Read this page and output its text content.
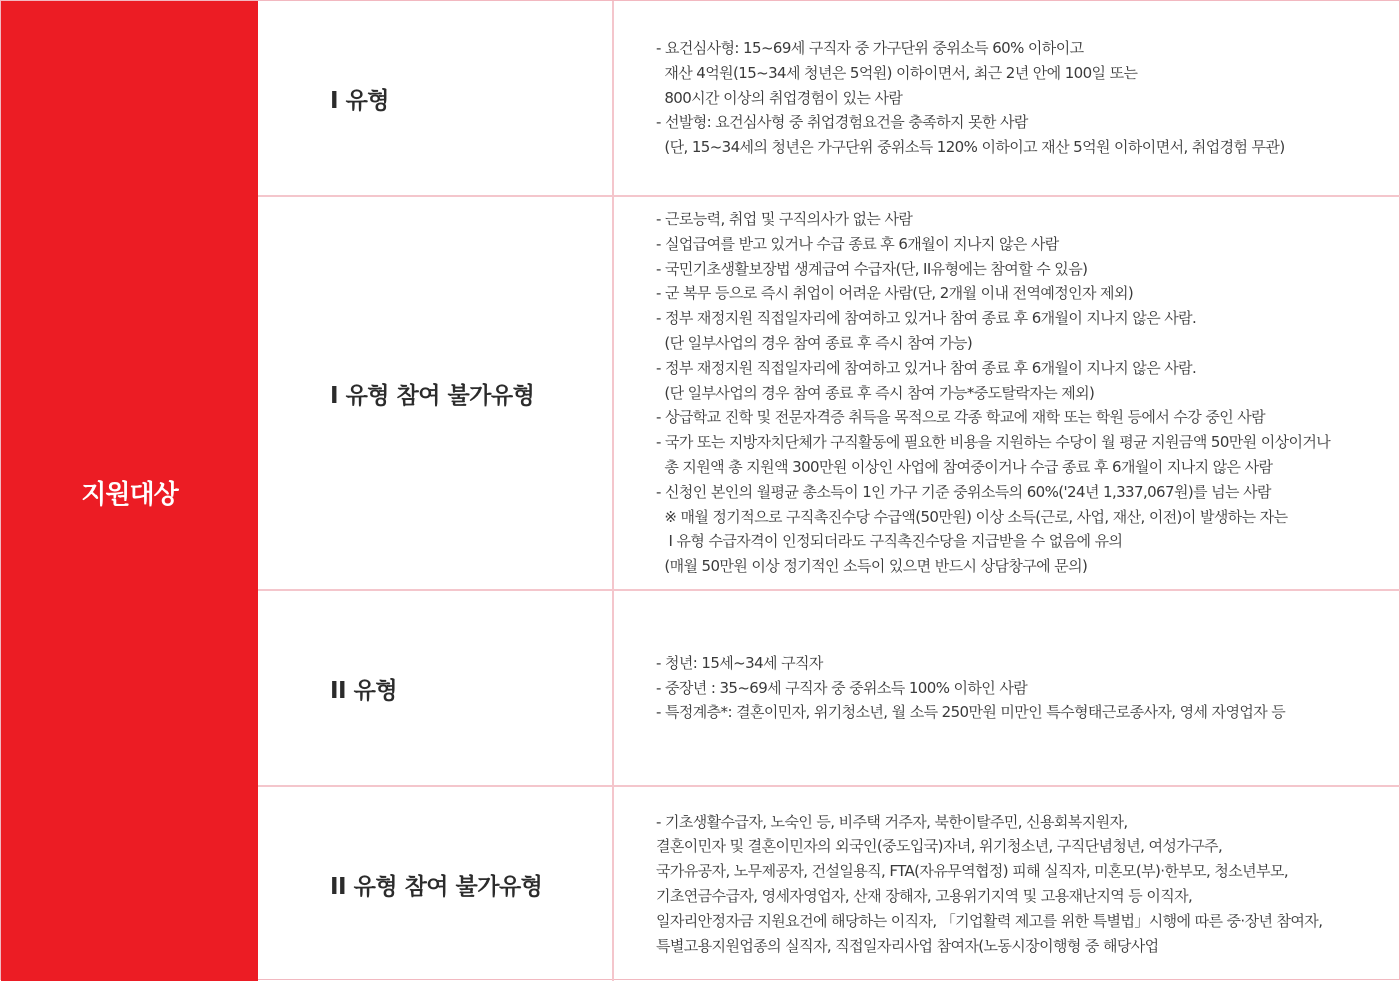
지원대상
I 유형
- 요건심사형: 15~69세 구직자 중 가구단위 중위소득 60% 이하이고
재산 4억원(15~34세 청년은 5억원) 이하이면서, 최근 2년 안에 100일 또는
800시간 이상의 취업경험이 있는 사람
- 선발형: 요건심사형 중 취업경험요건을 충족하지 못한 사람
(단, 15~34세의 청년은 가구단위 중위소득 120% 이하이고 재산 5억원 이하이면서, 취업경험 무관)
I 유형 참여 불가유형
- 근로능력, 취업 및 구직의사가 없는 사람
- 실업급여를 받고 있거나 수급 종료 후 6개월이 지나지 않은 사람
- 국민기초생활보장법 생계급여 수급자(단, II유형에는 참여할 수 있음)
- 군 복무 등으로 즉시 취업이 어려운 사람(단, 2개월 이내 전역예정인자 제외)
- 정부 재정지원 직접일자리에 참여하고 있거나 참여 종료 후 6개월이 지나지 않은 사람.
(단 일부사업의 경우 참여 종료 후 즉시 참여 가능)
- 정부 재정지원 직접일자리에 참여하고 있거나 참여 종료 후 6개월이 지나지 않은 사람.
(단 일부사업의 경우 참여 종료 후 즉시 참여 가능*중도탈락자는 제외)
- 상급학교 진학 및 전문자격증 취득을 목적으로 각종 학교에 재학 또는 학원 등에서 수강 중인 사람
- 국가 또는 지방자치단체가 구직활동에 필요한 비용을 지원하는 수당이 월 평균 지원금액 50만원 이상이거나
총 지원액 총 지원액 300만원 이상인 사업에 참여중이거나 수급 종료 후 6개월이 지나지 않은 사람
- 신청인 본인의 월평균 총소득이 1인 가구 기준 중위소득의 60%('24년 1,337,067원)를 넘는 사람
※ 매월 정기적으로 구직촉진수당 수급액(50만원) 이상 소득(근로, 사업, 재산, 이전)이 발생하는 자는
I 유형 수급자격이 인정되더라도 구직촉진수당을 지급받을 수 없음에 유의
(매월 50만원 이상 정기적인 소득이 있으면 반드시 상담창구에 문의)
II 유형
- 청년: 15세~34세 구직자
- 중장년 : 35~69세 구직자 중 중위소득 100% 이하인 사람
- 특정계층*: 결혼이민자, 위기청소년, 월 소득 250만원 미만인 특수형태근로종사자, 영세 자영업자 등
II 유형 참여 불가유형
- 기초생활수급자, 노숙인 등, 비주택 거주자, 북한이탈주민, 신용회복지원자,
결혼이민자 및 결혼이민자의 외국인(중도입국)자녀, 위기청소년, 구직단념청년, 여성가구주,
국가유공자, 노무제공자, 건설일용직, FTA(자유무역협정) 피해 실직자, 미혼모(부)·한부모, 청소년부모,
기초연금수급자, 영세자영업자, 산재 장해자, 고용위기지역 및 고용재난지역 등 이직자,
일자리안정자금 지원요건에 해당하는 이직자, 「기업활력 제고를 위한 특별법」시행에 따른 중·장년 참여자,
특별고용지원업종의 실직자, 직접일자리사업 참여자(노동시장이행형 중 해당사업
